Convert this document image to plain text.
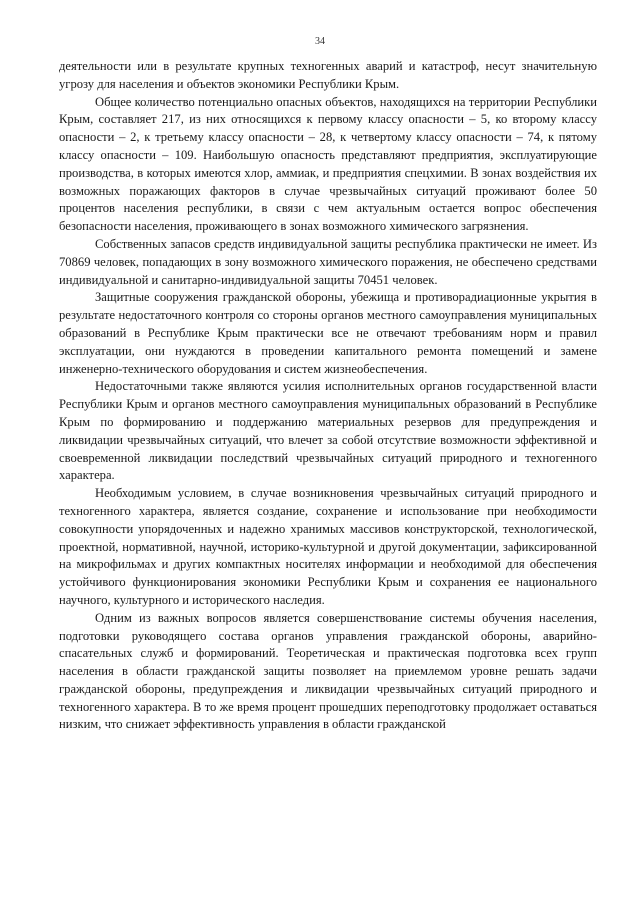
34

деятельности или в результате крупных техногенных аварий и катастроф, несут значительную угрозу для населения и объектов экономики Республики Крым.

Общее количество потенциально опасных объектов, находящихся на территории Республики Крым, составляет 217, из них относящихся к первому классу опасности – 5, ко второму классу опасности – 2, к третьему классу опасности – 28, к четвертому классу опасности – 74, к пятому классу опасности – 109. Наибольшую опасность представляют предприятия, эксплуатирующие производства, в которых имеются хлор, аммиак, и предприятия спецхимии. В зонах воздействия их возможных поражающих факторов в случае чрезвычайных ситуаций проживают более 50 процентов населения республики, в связи с чем актуальным остается вопрос обеспечения безопасности населения, проживающего в зонах возможного химического загрязнения.

Собственных запасов средств индивидуальной защиты республика практически не имеет. Из 70869 человек, попадающих в зону возможного химического поражения, не обеспечено средствами индивидуальной и санитарно-индивидуальной защиты 70451 человек.

Защитные сооружения гражданской обороны, убежища и противорадиационные укрытия в результате недостаточного контроля со стороны органов местного самоуправления муниципальных образований в Республике Крым практически все не отвечают требованиям норм и правил эксплуатации, они нуждаются в проведении капитального ремонта помещений и замене инженерно-технического оборудования и систем жизнеобеспечения.

Недостаточными также являются усилия исполнительных органов государственной власти Республики Крым и органов местного самоуправления муниципальных образований в Республике Крым по формированию и поддержанию материальных резервов для предупреждения и ликвидации чрезвычайных ситуаций, что влечет за собой отсутствие возможности эффективной и своевременной ликвидации последствий чрезвычайных ситуаций природного и техногенного характера.

Необходимым условием, в случае возникновения чрезвычайных ситуаций природного и техногенного характера, является создание, сохранение и использование при необходимости совокупности упорядоченных и надежно хранимых массивов конструкторской, технологической, проектной, нормативной, научной, историко-культурной и другой документации, зафиксированной на микрофильмах и других компактных носителях информации и необходимой для обеспечения устойчивого функционирования экономики Республики Крым и сохранения ее национального научного, культурного и исторического наследия.

Одним из важных вопросов является совершенствование системы обучения населения, подготовки руководящего состава органов управления гражданской обороны, аварийно-спасательных служб и формирований. Теоретическая и практическая подготовка всех групп населения в области гражданской защиты позволяет на приемлемом уровне решать задачи гражданской обороны, предупреждения и ликвидации чрезвычайных ситуаций природного и техногенного характера. В то же время процент прошедших переподготовку продолжает оставаться низким, что снижает эффективность управления в области гражданской
